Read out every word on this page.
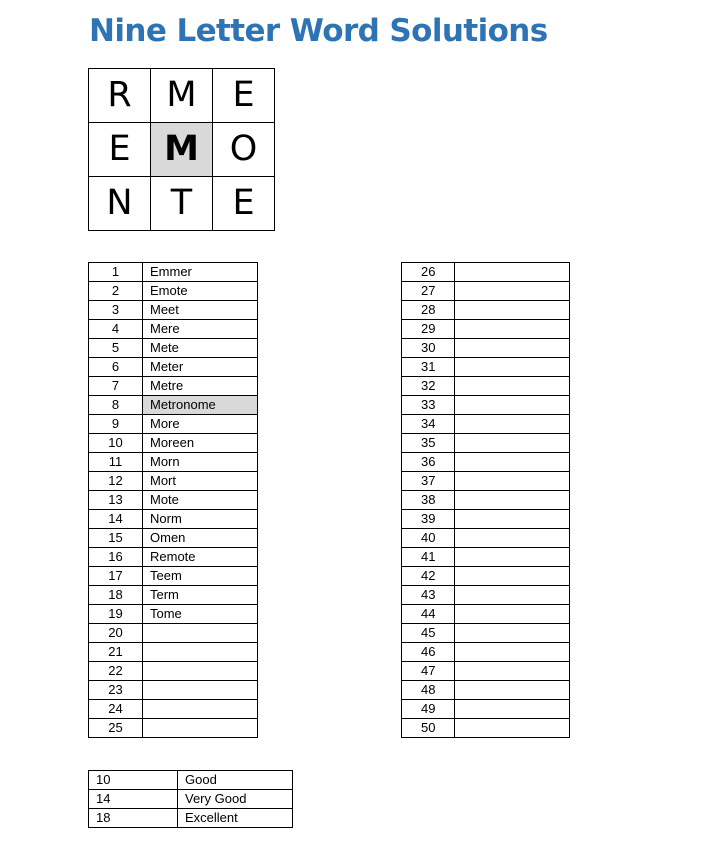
Nine Letter Word Solutions
R	M	E
E	M	O
N	T	E
1	Emmer
2	Emote
3	Meet
4	Mere
5	Mete
6	Meter
7	Metre
8	Metronome
9	More
10	Moreen
11	Morn
12	Mort
13	Mote
14	Norm
15	Omen
16	Remote
17	Teem
18	Term
19	Tome
20	
21	
22	
23	
24	
25	
26	
27	
28	
29	
30	
31	
32	
33	
34	
35	
36	
37	
38	
39	
40	
41	
42	
43	
44	
45	
46	
47	
48	
49	
50	
10	Good
14	Very Good
18	Excellent
